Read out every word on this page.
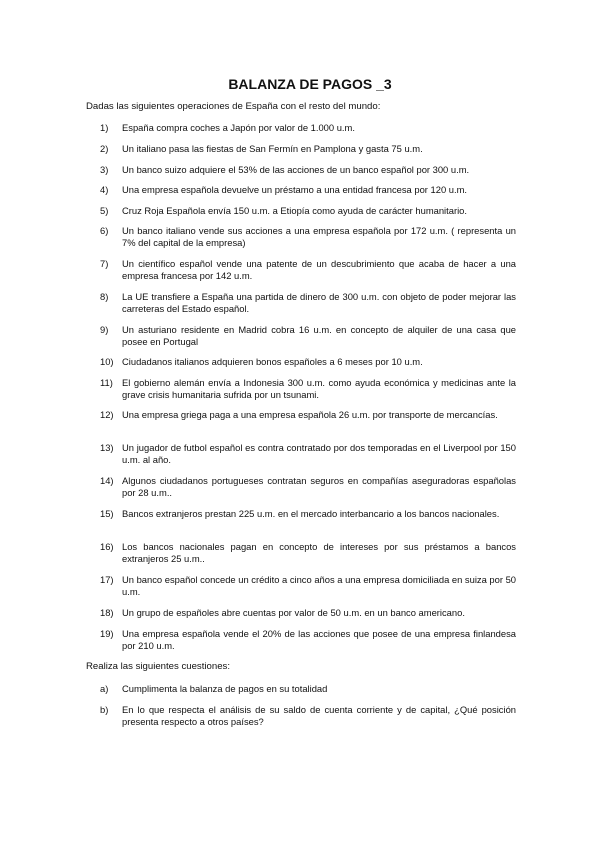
BALANZA DE PAGOS _3
Dadas las siguientes operaciones de España con el resto del mundo:
1)	España compra coches a Japón por valor de 1.000 u.m.
2)	Un italiano pasa las fiestas de San Fermín en Pamplona y gasta 75 u.m.
3)	Un banco suizo adquiere el 53% de las acciones de un banco español por 300 u.m.
4)	Una empresa española devuelve un préstamo a una entidad francesa por 120 u.m.
5)	Cruz Roja Española envía 150 u.m. a Etiopía como ayuda de carácter humanitario.
6)	Un banco italiano vende sus acciones a una empresa española por 172 u.m. ( representa un 7% del capital de la empresa)
7)	Un científico español vende una patente de un descubrimiento que acaba de hacer a una empresa francesa por 142 u.m.
8)	La UE transfiere a España una partida de dinero de 300 u.m. con objeto de poder mejorar las carreteras del Estado español.
9)	Un asturiano residente en Madrid cobra 16 u.m. en concepto de alquiler de una casa que posee en Portugal
10) Ciudadanos italianos adquieren bonos españoles a 6 meses por 10 u.m.
11) El gobierno alemán envía a Indonesia 300 u.m. como ayuda económica y medicinas ante la grave crisis humanitaria sufrida por un tsunami.
12) Una empresa griega paga a una empresa española 26 u.m. por transporte de mercancías.
13) Un jugador de futbol español es contra contratado por dos temporadas en el Liverpool por 150 u.m. al año.
14) Algunos ciudadanos portugueses contratan seguros en compañías aseguradoras españolas por 28 u.m..
15) Bancos extranjeros prestan 225 u.m. en el mercado interbancario a los bancos nacionales.
16) Los bancos nacionales pagan en concepto de intereses por sus préstamos a bancos extranjeros 25 u.m..
17) Un banco español concede un crédito a cinco años a una empresa domiciliada en suiza por 50 u.m.
18) Un grupo de españoles abre cuentas por valor de 50 u.m. en un banco americano.
19) Una empresa española vende el 20% de las acciones que posee de una empresa finlandesa por 210 u.m.
Realiza las siguientes cuestiones:
a)	Cumplimenta la balanza de pagos en su totalidad
b)	En lo que respecta el análisis de su saldo de cuenta corriente y de capital, ¿Qué posición presenta respecto a otros países?
